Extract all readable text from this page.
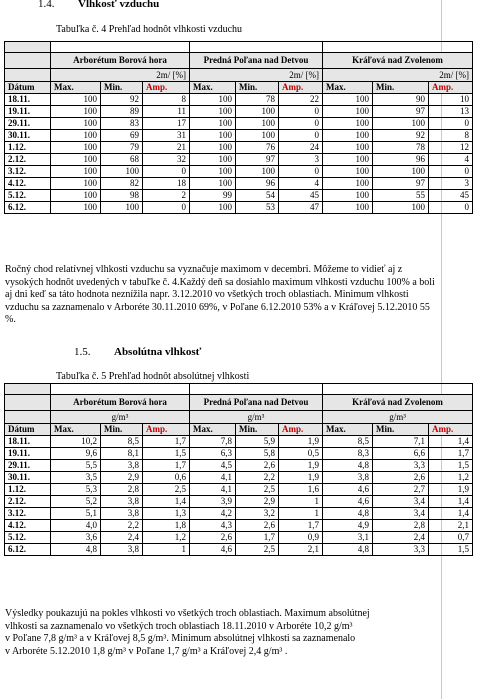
1.4. Vlhkosť vzduchu
Tabuľka č. 4 Prehľad hodnôt vlhkosti vzduchu

	Arborétum Borová hora			Predná Poľana nad Detvou			Kráľová nad Zvolenom		
	2m/ [%]			2m/ [%]			2m/ [%]		
Dátum	Max.	Min.	Amp.	Max.	Min.	Amp.	Max.	Min.	Amp.
18.11.	100	92	8	100	78	22	100	90	10
19.11.	100	89	11	100	100	0	100	97	13
29.11.	100	83	17	100	100	0	100	100	0
30.11.	100	69	31	100	100	0	100	92	8
1.12.	100	79	21	100	76	24	100	78	12
2.12.	100	68	32	100	97	3	100	96	4
3.12.	100	100	0	100	100	0	100	100	0
4.12.	100	82	18	100	96	4	100	97	3
5.12.	100	98	2	99	54	45	100	55	45
6.12.	100	100	0	100	53	47	100	100	0
Ročný chod relatívnej vlhkosti vzduchu sa vyznačuje maximom v decembri. Môžeme to vidieť aj z vysokých hodnôt uvedených v tabuľke č. 4.Každý deň sa dosiahlo maximum vlhkosti vzduchu 100% a boli aj dni keď sa táto hodnota neznížila napr. 3.12.2010 vo všetkých troch oblastiach. Minimum vlhkosti vzduchu sa zaznamenalo v Arboréte 30.11.2010 69%, v Poľane 6.12.2010 53% a v Kráľovej 5.12.2010 55 %.
1.5. Absolútna vlhkosť
Tabuľka č. 5 Prehľad hodnôt absolútnej vlhkosti

	Arborétum Borová hora			Predná Poľana nad Detvou			Kráľová nad Zvolenom		
	g/m³			g/m³			g/m³		
Dátum	Max.	Min.	Amp.	Max.	Min.	Amp.	Max.	Min.	Amp.
18.11.	10,2	8,5	1,7	7,8	5,9	1,9	8,5	7,1	1,4
19.11.	9,6	8,1	1,5	6,3	5,8	0,5	8,3	6,6	1,7
29.11.	5,5	3,8	1,7	4,5	2,6	1,9	4,8	3,3	1,5
30.11.	3,5	2,9	0,6	4,1	2,2	1,9	3,8	2,6	1,2
1.12.	5,3	2,8	2,5	4,1	2,5	1,6	4,6	2,7	1,9
2.12.	5,2	3,8	1,4	3,9	2,9	1	4,6	3,4	1,4
3.12.	5,1	3,8	1,3	4,2	3,2	1	4,8	3,4	1,4
4.12.	4,0	2,2	1,8	4,3	2,6	1,7	4,9	2,8	2,1
5.12.	3,6	2,4	1,2	2,6	1,7	0,9	3,1	2,4	0,7
6.12.	4,8	3,8	1	4,6	2,5	2,1	4,8	3,3	1,5
Výsledky poukazujú na pokles vlhkosti vo všetkých troch oblastiach. Maximum absolútnej
vlhkosti sa zaznamenalo vo všetkých troch oblastiach 18.11.2010 v Arboréte 10,2 g/m³
v Poľane 7,8 g/m³ a v Kráľovej 8,5 g/m³. Minimum absolútnej vlhkosti sa zaznamenalo
v Arboréte 5.12.2010 1,8 g/m³ v Poľane 1,7 g/m³ a Kráľovej 2,4 g/m³ .
